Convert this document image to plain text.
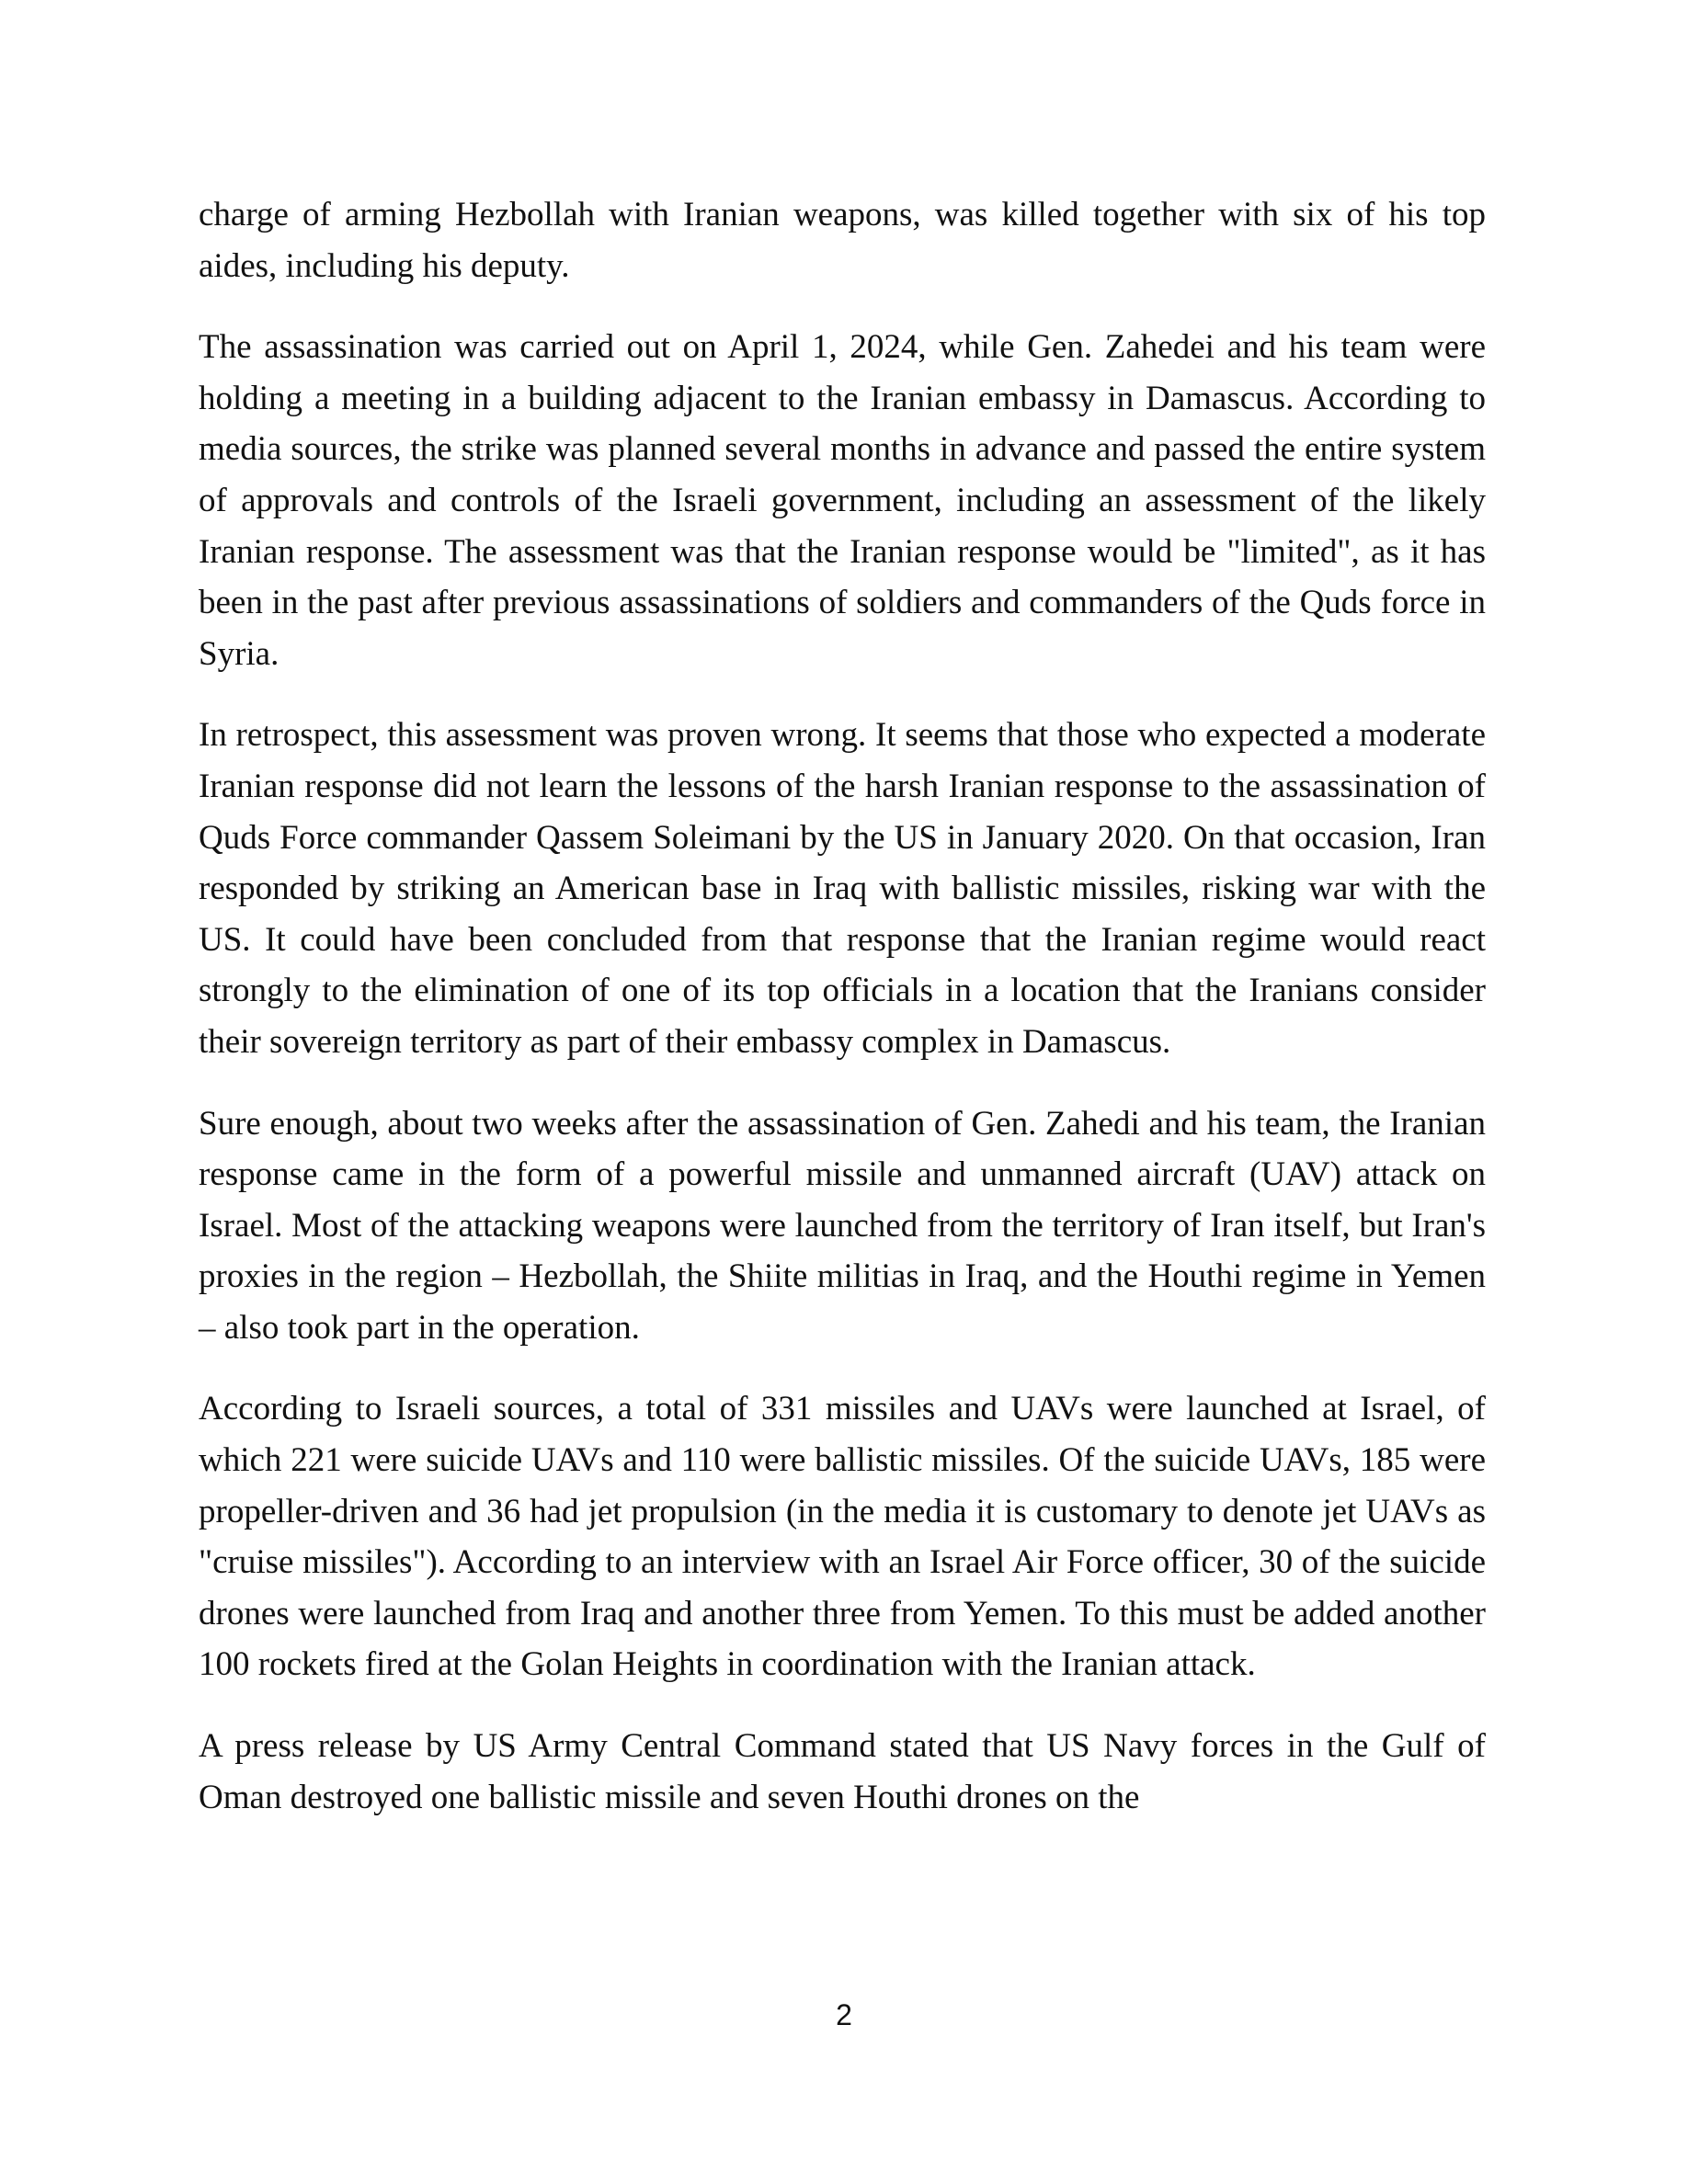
charge of arming Hezbollah with Iranian weapons, was killed together with six of his top aides, including his deputy.

The assassination was carried out on April 1, 2024, while Gen. Zahedei and his team were holding a meeting in a building adjacent to the Iranian embassy in Damascus. According to media sources, the strike was planned several months in advance and passed the entire system of approvals and controls of the Israeli government, including an assessment of the likely Iranian response. The assessment was that the Iranian response would be "limited", as it has been in the past after previous assassinations of soldiers and commanders of the Quds force in Syria.

In retrospect, this assessment was proven wrong. It seems that those who expected a moderate Iranian response did not learn the lessons of the harsh Iranian response to the assassination of Quds Force commander Qassem Soleimani by the US in January 2020. On that occasion, Iran responded by striking an American base in Iraq with ballistic missiles, risking war with the US. It could have been concluded from that response that the Iranian regime would react strongly to the elimination of one of its top officials in a location that the Iranians consider their sovereign territory as part of their embassy complex in Damascus.

Sure enough, about two weeks after the assassination of Gen. Zahedi and his team, the Iranian response came in the form of a powerful missile and unmanned aircraft (UAV) attack on Israel. Most of the attacking weapons were launched from the territory of Iran itself, but Iran's proxies in the region – Hezbollah, the Shiite militias in Iraq, and the Houthi regime in Yemen – also took part in the operation.

According to Israeli sources, a total of 331 missiles and UAVs were launched at Israel, of which 221 were suicide UAVs and 110 were ballistic missiles. Of the suicide UAVs, 185 were propeller-driven and 36 had jet propulsion (in the media it is customary to denote jet UAVs as "cruise missiles"). According to an interview with an Israel Air Force officer, 30 of the suicide drones were launched from Iraq and another three from Yemen. To this must be added another 100 rockets fired at the Golan Heights in coordination with the Iranian attack.

A press release by US Army Central Command stated that US Navy forces in the Gulf of Oman destroyed one ballistic missile and seven Houthi drones on the

2
